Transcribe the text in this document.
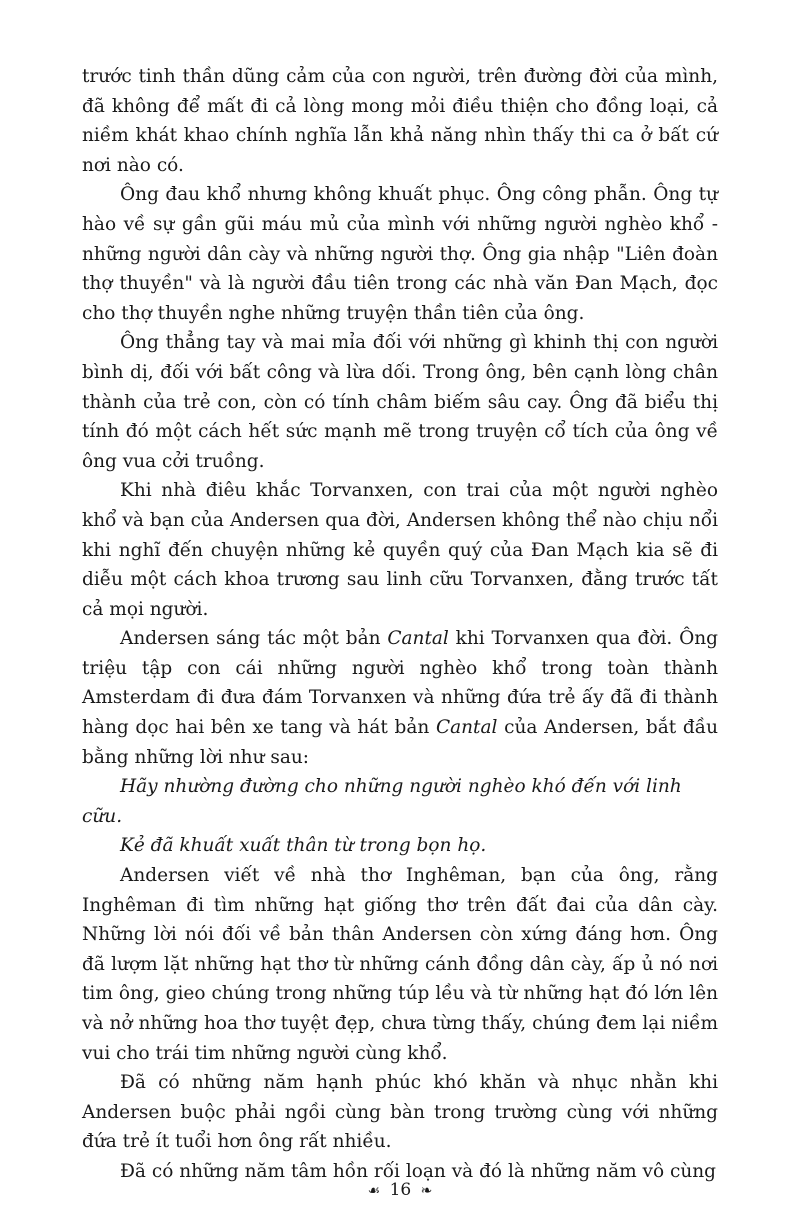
trước tinh thần dũng cảm của con người, trên đường đời của mình, đã không để mất đi cả lòng mong mỏi điều thiện cho đồng loại, cả niềm khát khao chính nghĩa lẫn khả năng nhìn thấy thi ca ở bất cứ nơi nào có.

Ông đau khổ nhưng không khuất phục. Ông công phẫn. Ông tự hào về sự gần gũi máu mủ của mình với những người nghèo khổ - những người dân cày và những người thợ. Ông gia nhập "Liên đoàn thợ thuyền" và là người đầu tiên trong các nhà văn Đan Mạch, đọc cho thợ thuyền nghe những truyện thần tiên của ông.

Ông thẳng tay và mai mỉa đối với những gì khinh thị con người bình dị, đối với bất công và lừa dối. Trong ông, bên cạnh lòng chân thành của trẻ con, còn có tính châm biếm sâu cay. Ông đã biểu thị tính đó một cách hết sức mạnh mẽ trong truyện cổ tích của ông về ông vua cởi truồng.

Khi nhà điêu khắc Torvanxen, con trai của một người nghèo khổ và bạn của Andersen qua đời, Andersen không thể nào chịu nổi khi nghĩ đến chuyện những kẻ quyền quý của Đan Mạch kia sẽ đi diễu một cách khoa trương sau linh cữu Torvanxen, đằng trước tất cả mọi người.

Andersen sáng tác một bản Cantal khi Torvanxen qua đời. Ông triệu tập con cái những người nghèo khổ trong toàn thành Amsterdam đi đưa đám Torvanxen và những đứa trẻ ấy đã đi thành hàng dọc hai bên xe tang và hát bản Cantal của Andersen, bắt đầu bằng những lời như sau:

Hãy nhường đường cho những người nghèo khó đến với linh cữu.

Kẻ đã khuất xuất thân từ trong bọn họ.

Andersen viết về nhà thơ Inghêman, bạn của ông, rằng Inghêman đi tìm những hạt giống thơ trên đất đai của dân cày. Những lời nói đối về bản thân Andersen còn xứng đáng hơn. Ông đã lượm lặt những hạt thơ từ những cánh đồng dân cày, ấp ủ nó nơi tim ông, gieo chúng trong những túp lều và từ những hạt đó lớn lên và nở những hoa thơ tuyệt đẹp, chưa từng thấy, chúng đem lại niềm vui cho trái tim những người cùng khổ.

Đã có những năm hạnh phúc khó khăn và nhục nhằn khi Andersen buộc phải ngồi cùng bàn trong trường cùng với những đứa trẻ ít tuổi hơn ông rất nhiều.

Đã có những năm tâm hồn rối loạn và đó là những năm vô cùng

☙ 16 ❧
